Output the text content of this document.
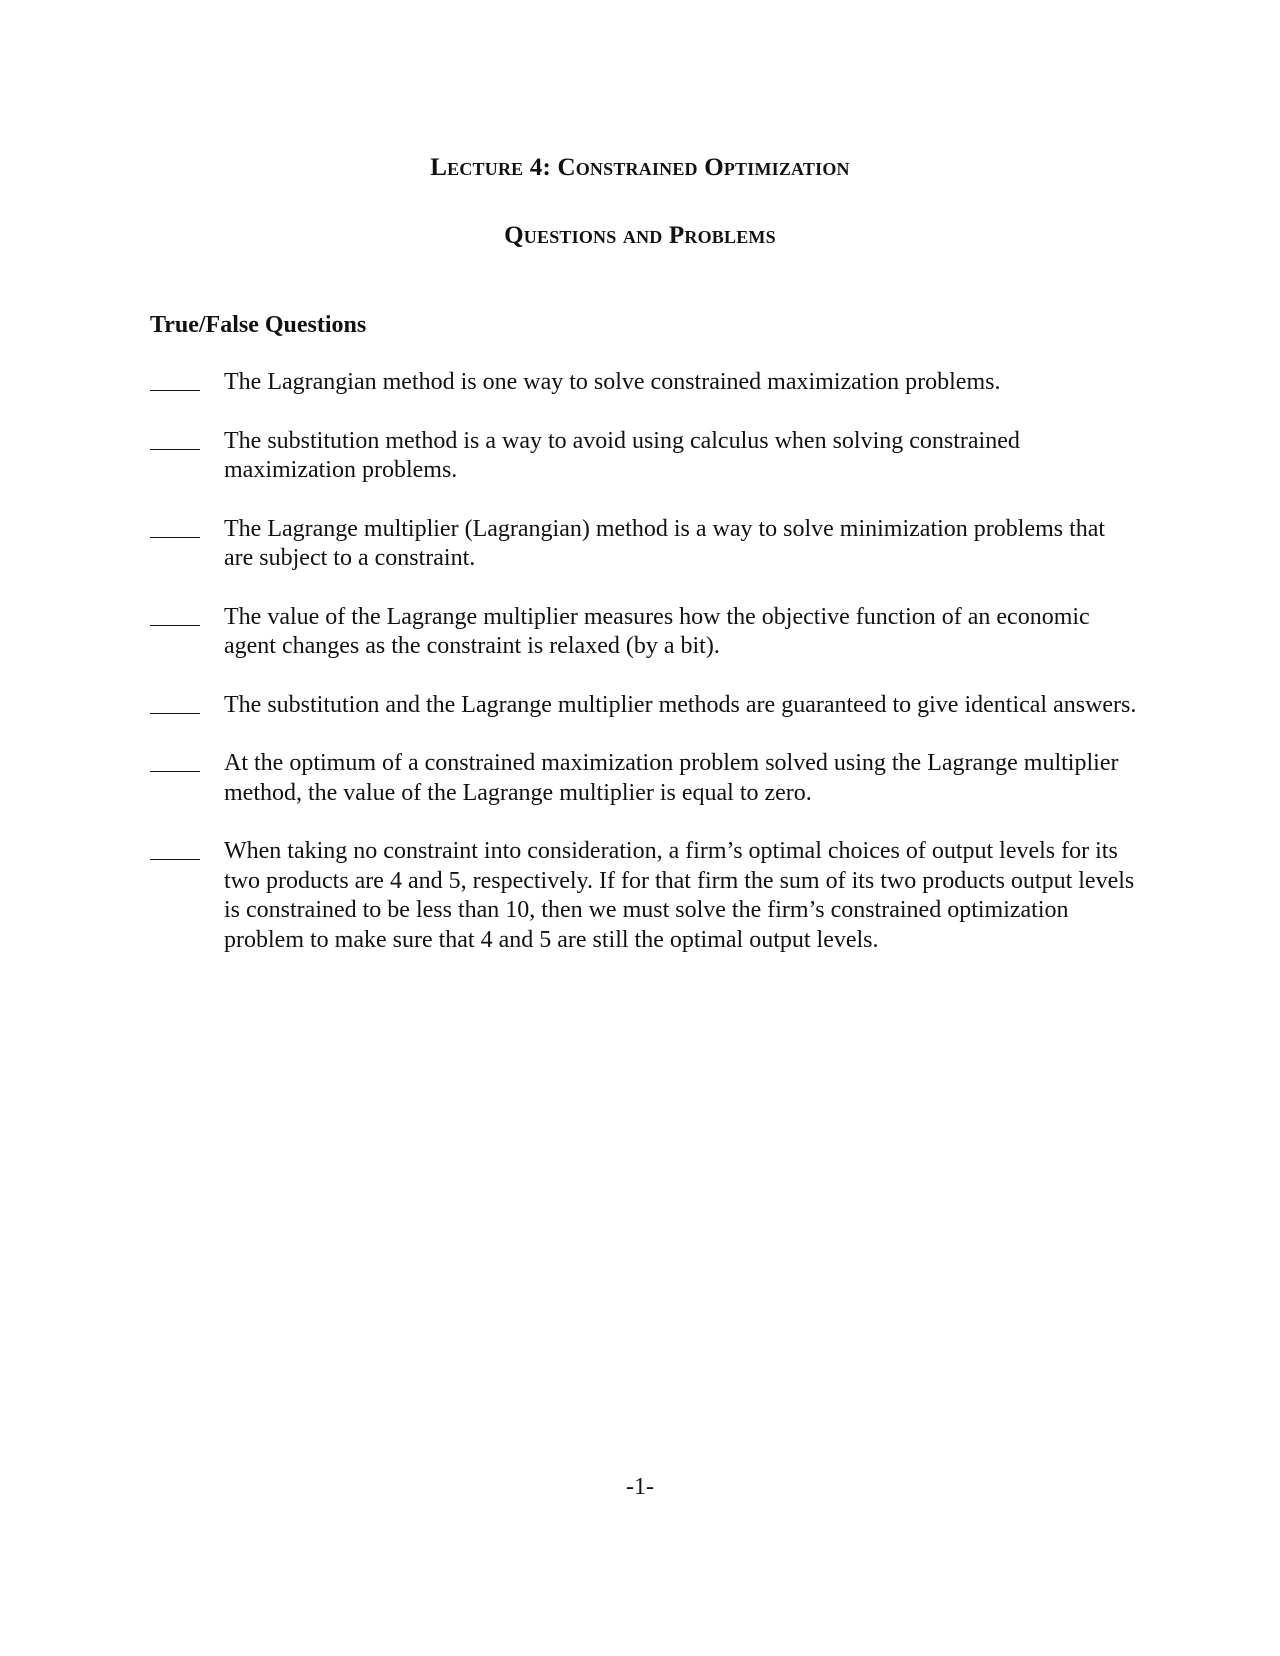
Lecture 4: Constrained Optimization
Questions and Problems
True/False Questions

The Lagrangian method is one way to solve constrained maximization problems.

The substitution method is a way to avoid using calculus when solving constrained maximization problems.

The Lagrange multiplier (Lagrangian) method is a way to solve minimization problems that are subject to a constraint.

The value of the Lagrange multiplier measures how the objective function of an economic agent changes as the constraint is relaxed (by a bit).

The substitution and the Lagrange multiplier methods are guaranteed to give identical answers.

At the optimum of a constrained maximization problem solved using the Lagrange multiplier method, the value of the Lagrange multiplier is equal to zero.

When taking no constraint into consideration, a firm’s optimal choices of output levels for its two products are 4 and 5, respectively. If for that firm the sum of its two products output levels is constrained to be less than 10, then we must solve the firm’s constrained optimization problem to make sure that 4 and 5 are still the optimal output levels.

-1-
